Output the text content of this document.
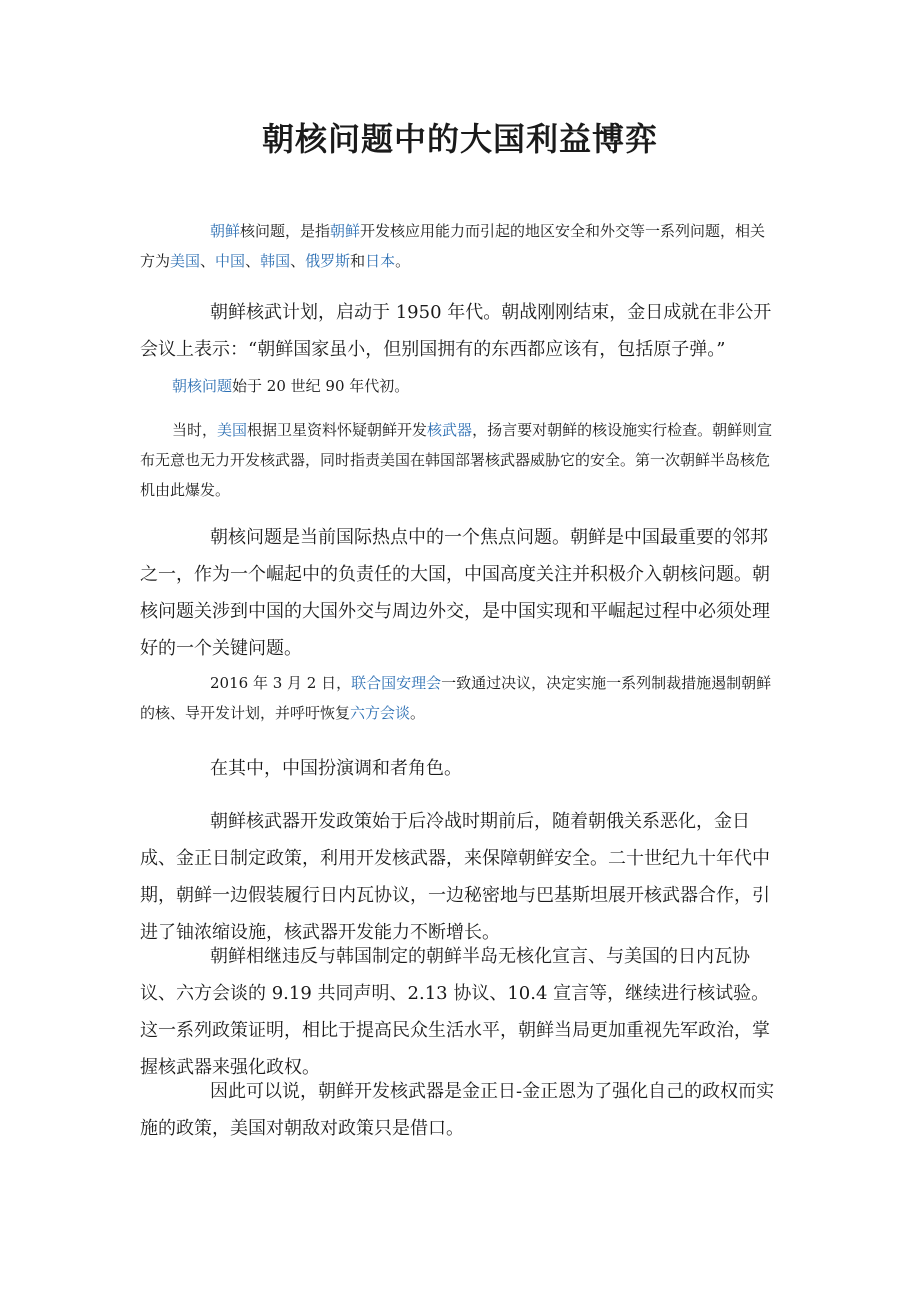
朝核问题中的大国利益博弈

朝鲜核问题，是指朝鲜开发核应用能力而引起的地区安全和外交等一系列问题，相关方为美国、中国、韩国、俄罗斯和日本。

朝鲜核武计划，启动于 1950 年代。朝战刚刚结束，金日成就在非公开会议上表示：“朝鲜国家虽小，但别国拥有的东西都应该有，包括原子弹。”

朝核问题始于 20 世纪 90 年代初。

当时，美国根据卫星资料怀疑朝鲜开发核武器，扬言要对朝鲜的核设施实行检查。朝鲜则宣布无意也无力开发核武器，同时指责美国在韩国部署核武器威胁它的安全。第一次朝鲜半岛核危机由此爆发。

朝核问题是当前国际热点中的一个焦点问题。朝鲜是中国最重要的邻邦之一，作为一个崛起中的负责任的大国，中国高度关注并积极介入朝核问题。朝核问题关涉到中国的大国外交与周边外交，是中国实现和平崛起过程中必须处理好的一个关键问题。

2016 年 3 月 2 日，联合国安理会一致通过决议，决定实施一系列制裁措施遏制朝鲜的核、导开发计划，并呼吁恢复六方会谈。

在其中，中国扮演调和者角色。

朝鲜核武器开发政策始于后冷战时期前后，随着朝俄关系恶化，金日成、金正日制定政策，利用开发核武器，来保障朝鲜安全。二十世纪九十年代中期，朝鲜一边假装履行日内瓦协议，一边秘密地与巴基斯坦展开核武器合作，引进了铀浓缩设施，核武器开发能力不断增长。

朝鲜相继违反与韩国制定的朝鲜半岛无核化宣言、与美国的日内瓦协议、六方会谈的 9.19 共同声明、2.13 协议、10.4 宣言等，继续进行核试验。这一系列政策证明，相比于提高民众生活水平，朝鲜当局更加重视先军政治，掌握核武器来强化政权。

因此可以说，朝鲜开发核武器是金正日-金正恩为了强化自己的政权而实施的政策，美国对朝敌对政策只是借口。
